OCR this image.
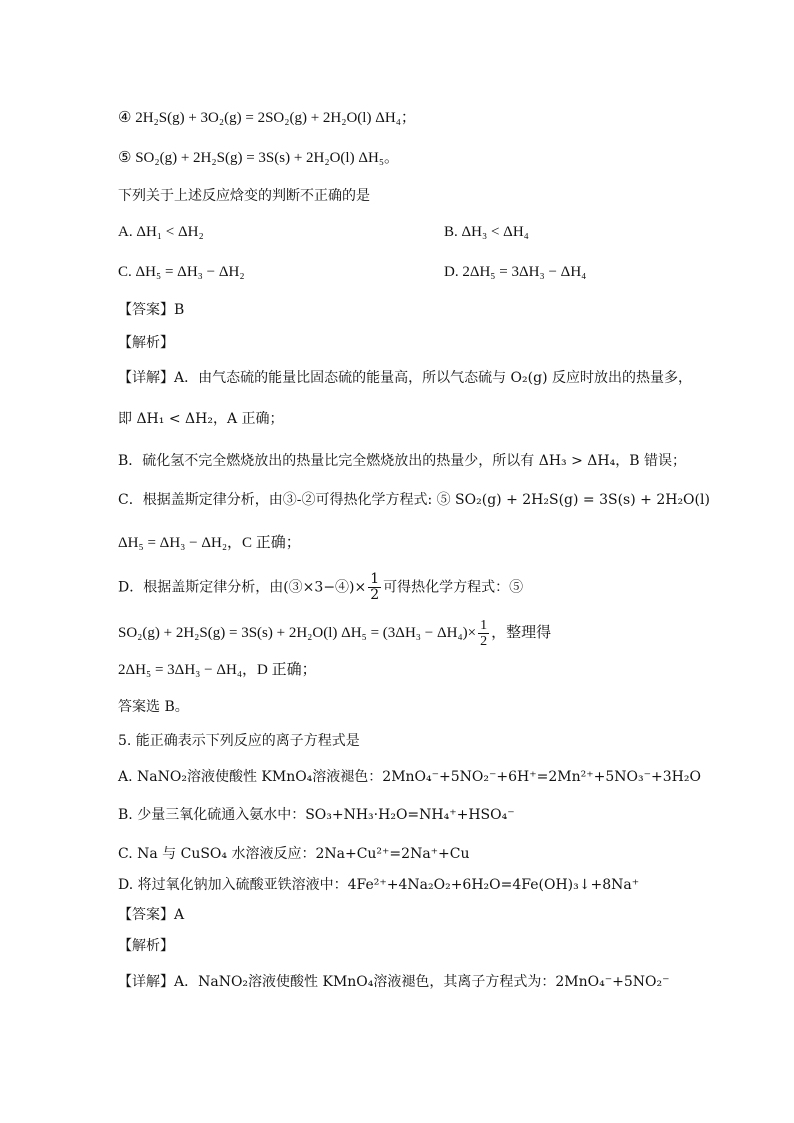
④ 2H₂S(g) + 3O₂(g) = 2SO₂(g) + 2H₂O(l) ΔH₄；
⑤ SO₂(g) + 2H₂S(g) = 3S(s) + 2H₂O(l) ΔH₅。
下列关于上述反应焓变的判断不正确的是
A. ΔH₁ < ΔH₂	B. ΔH₃ < ΔH₄
C. ΔH₅ = ΔH₃ − ΔH₂	D. 2ΔH₅ = 3ΔH₃ − ΔH₄
【答案】B
【解析】
【详解】A．由气态硫的能量比固态硫的能量高，所以气态硫与 O₂(g) 反应时放出的热量多，
即 ΔH₁ < ΔH₂，A 正确；
B．硫化氢不完全燃烧放出的热量比完全燃烧放出的热量少，所以有 ΔH₃ > ΔH₄，B 错误；
C．根据盖斯定律分析，由③-②可得热化学方程式: ⑤ SO₂(g) + 2H₂S(g) = 3S(s) + 2H₂O(l)
ΔH₅ = ΔH₃ − ΔH₂，C 正确；
D．根据盖斯定律分析，由(③×3−④)× $\frac{1}{2}$ 可得热化学方程式：⑤
SO₂(g) + 2H₂S(g) = 3S(s) + 2H₂O(l) $\Delta H_5 = (3\Delta H_3 - \Delta H_4)\times \frac{1}{2}$ ，整理得
2ΔH₅ = 3ΔH₃ − ΔH₄，D 正确；
答案选 B。
5. 能正确表示下列反应的离子方程式是
A. NaNO₂溶液使酸性 KMnO₄溶液褪色：2MnO₄⁻+5NO₂⁻+6H⁺=2Mn²⁺+5NO₃⁻+3H₂O
B. 少量三氧化硫通入氨水中：SO₃+NH₃·H₂O=NH₄⁺+HSO₄⁻
C. Na 与 CuSO₄ 水溶液反应：2Na+Cu²⁺=2Na⁺+Cu
D. 将过氧化钠加入硫酸亚铁溶液中：4Fe²⁺+4Na₂O₂+6H₂O=4Fe(OH)₃↓+8Na⁺
【答案】A
【解析】
【详解】A．NaNO₂溶液使酸性 KMnO₄溶液褪色，其离子方程式为：2MnO₄⁻+5NO₂⁻
